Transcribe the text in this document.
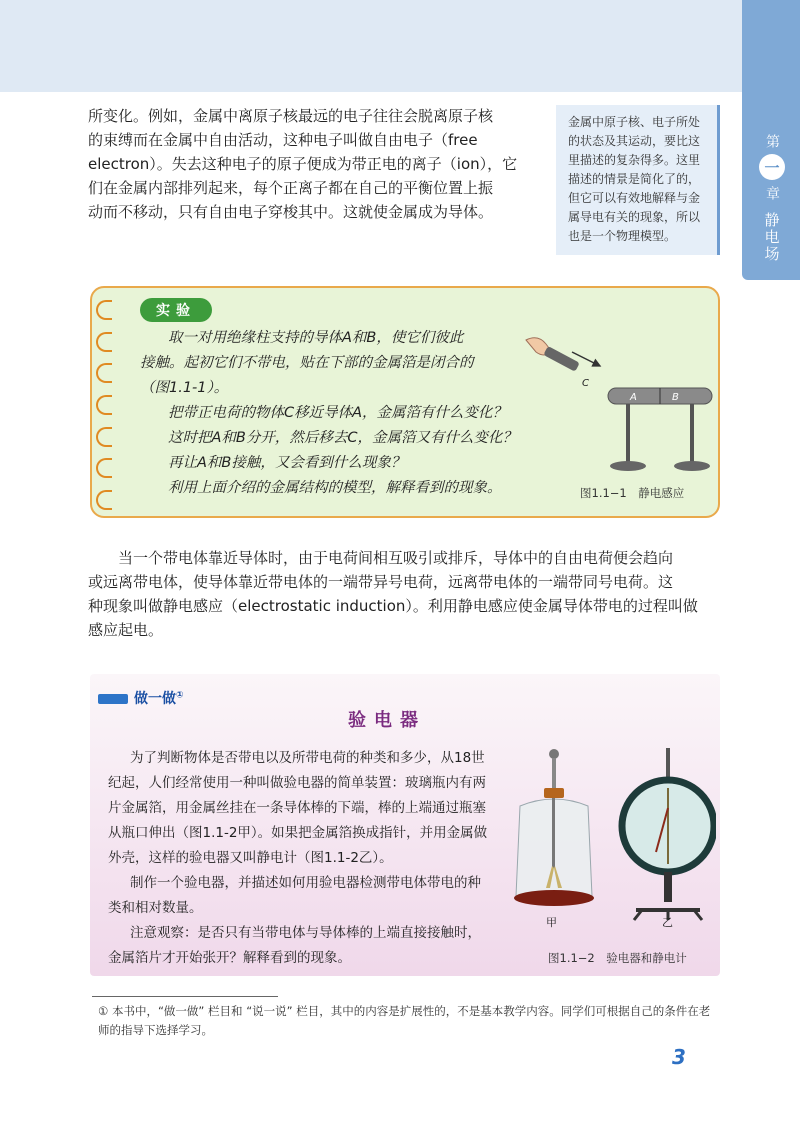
第
一
章
静电场
所变化。例如，金属中离原子核最远的电子往往会脱离原子核
的束缚而在金属中自由活动，这种电子叫做自由电子（free
electron）。失去这种电子的原子便成为带正电的离子（ion），它
们在金属内部排列起来，每个正离子都在自己的平衡位置上振
动而不移动，只有自由电子穿梭其中。这就使金属成为导体。
金属中原子核、电子所处的状态及其运动，要比这里描述的复杂得多。这里描述的情景是简化了的，但它可以有效地解释与金属导电有关的现象，所以也是一个物理模型。
实验
取一对用绝缘柱支持的导体A和B，使它们彼此
接触。起初它们不带电，贴在下部的金属箔是闭合的
（图1.1-1）。
把带正电荷的物体C移近导体A，金属箔有什么变化？
这时把A和B分开，然后移去C，金属箔又有什么变化？
再让A和B接触，又会看到什么现象？
利用上面介绍的金属结构的模型，解释看到的现象。
C
A	B
图1.1−1　静电感应
当一个带电体靠近导体时，由于电荷间相互吸引或排斥，导体中的自由电荷便会趋向
或远离带电体，使导体靠近带电体的一端带异号电荷，远离带电体的一端带同号电荷。这
种现象叫做静电感应（electrostatic induction）。利用静电感应使金属导体带电的过程叫做
感应起电。
做一做①
验电器
为了判断物体是否带电以及所带电荷的种类和多少，从18世
纪起，人们经常使用一种叫做验电器的简单装置：玻璃瓶内有两
片金属箔，用金属丝挂在一条导体棒的下端，棒的上端通过瓶塞
从瓶口伸出（图1.1-2甲）。如果把金属箔换成指针，并用金属做
外壳，这样的验电器又叫静电计（图1.1-2乙）。
制作一个验电器，并描述如何用验电器检测带电体带电的种
类和相对数量。
注意观察：是否只有当带电体与导体棒的上端直接接触时，
金属箔片才开始张开？解释看到的现象。
甲	乙
图1.1−2　验电器和静电计
① 本书中，“做一做” 栏目和 “说一说” 栏目，其中的内容是扩展性的，不是基本教学内容。同学们可根据自己的条件在老师的指导下选择学习。
3
